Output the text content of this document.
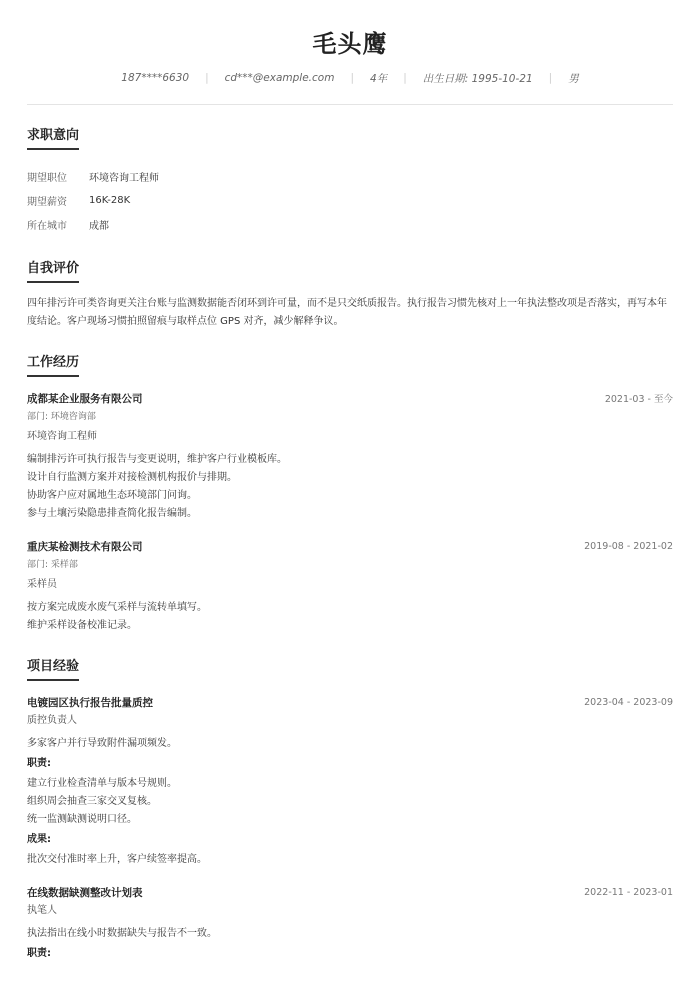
毛头鹰
187****6630 | cd***@example.com | 4年 | 出生日期: 1995-10-21 | 男
求职意向
期望职位	环境咨询工程师
期望薪资	16K-28K
所在城市	成都
自我评价
四年排污许可类咨询更关注台账与监测数据能否闭环到许可量，而不是只交纸质报告。执行报告习惯先核对上一年执法整改项是否落实，再写本年度结论。客户现场习惯拍照留痕与取样点位 GPS 对齐，减少解释争议。
工作经历
成都某企业服务有限公司	2021-03 - 至今
部门: 环境咨询部
环境咨询工程师
编制排污许可执行报告与变更说明，维护客户行业模板库。
设计自行监测方案并对接检测机构报价与排期。
协助客户应对属地生态环境部门问询。
参与土壤污染隐患排查简化报告编制。
重庆某检测技术有限公司	2019-08 - 2021-02
部门: 采样部
采样员
按方案完成废水废气采样与流转单填写。
维护采样设备校准记录。
项目经验
电镀园区执行报告批量质控	2023-04 - 2023-09
质控负责人
多家客户并行导致附件漏项频发。
职责:
建立行业检查清单与版本号规则。
组织周会抽查三家交叉复核。
统一监测缺测说明口径。
成果:
批次交付准时率上升，客户续签率提高。
在线数据缺测整改计划表	2022-11 - 2023-01
执笔人
执法指出在线小时数据缺失与报告不一致。
职责:
